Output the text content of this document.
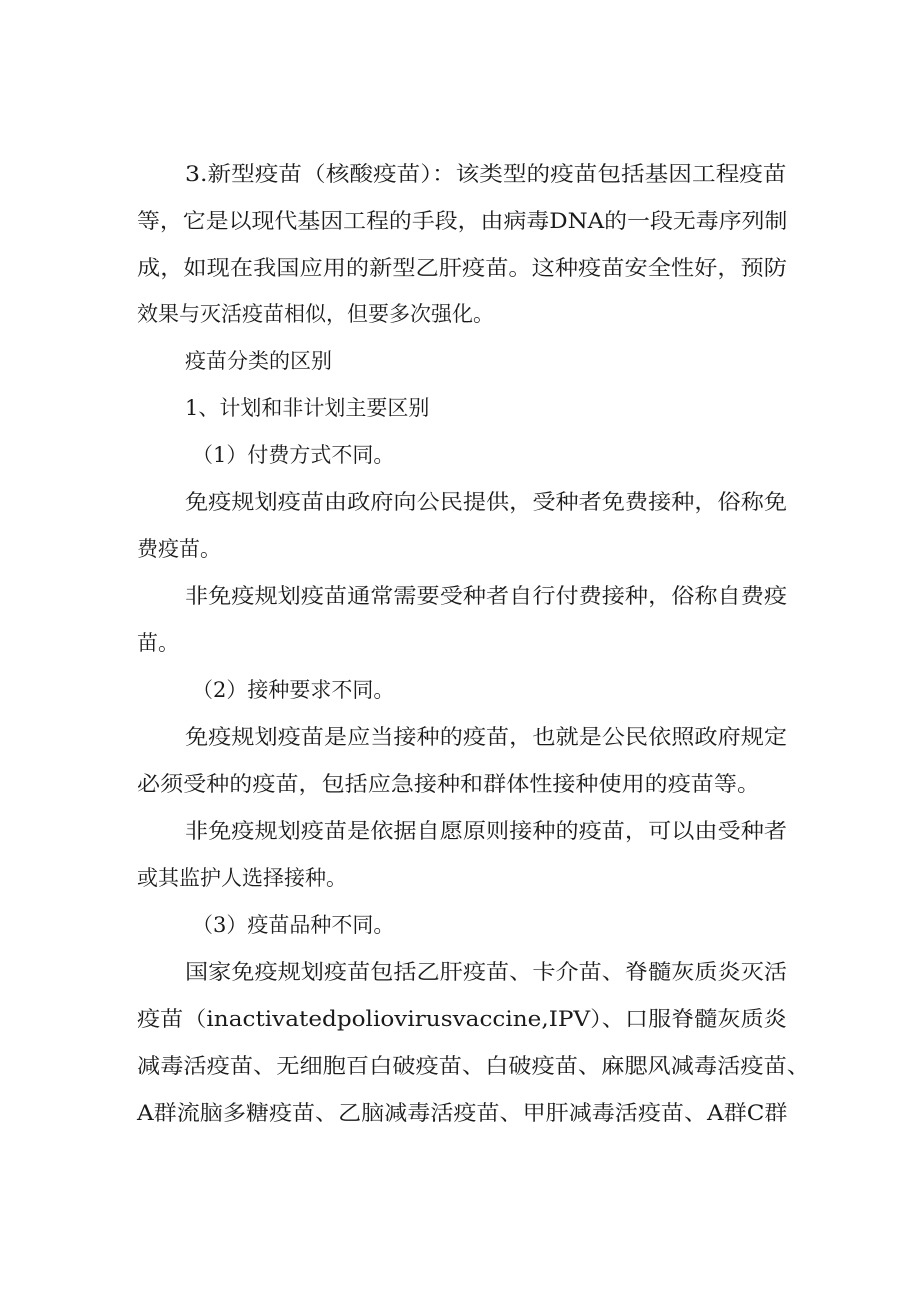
3.新型疫苗（核酸疫苗）：该类型的疫苗包括基因工程疫苗
等，它是以现代基因工程的手段，由病毒DNA的一段无毒序列制
成，如现在我国应用的新型乙肝疫苗。这种疫苗安全性好，预防
效果与灭活疫苗相似，但要多次强化。
疫苗分类的区别
1、计划和非计划主要区别
（1）付费方式不同。
免疫规划疫苗由政府向公民提供，受种者免费接种，俗称免
费疫苗。
非免疫规划疫苗通常需要受种者自行付费接种，俗称自费疫
苗。
（2）接种要求不同。
免疫规划疫苗是应当接种的疫苗，也就是公民依照政府规定
必须受种的疫苗，包括应急接种和群体性接种使用的疫苗等。
非免疫规划疫苗是依据自愿原则接种的疫苗，可以由受种者
或其监护人选择接种。
（3）疫苗品种不同。
国家免疫规划疫苗包括乙肝疫苗、卡介苗、脊髓灰质炎灭活
疫苗（inactivatedpoliovirusvaccine,IPV）、口服脊髓灰质炎
减毒活疫苗、无细胞百白破疫苗、白破疫苗、麻腮风减毒活疫苗、
A群流脑多糖疫苗、乙脑减毒活疫苗、甲肝减毒活疫苗、A群C群
